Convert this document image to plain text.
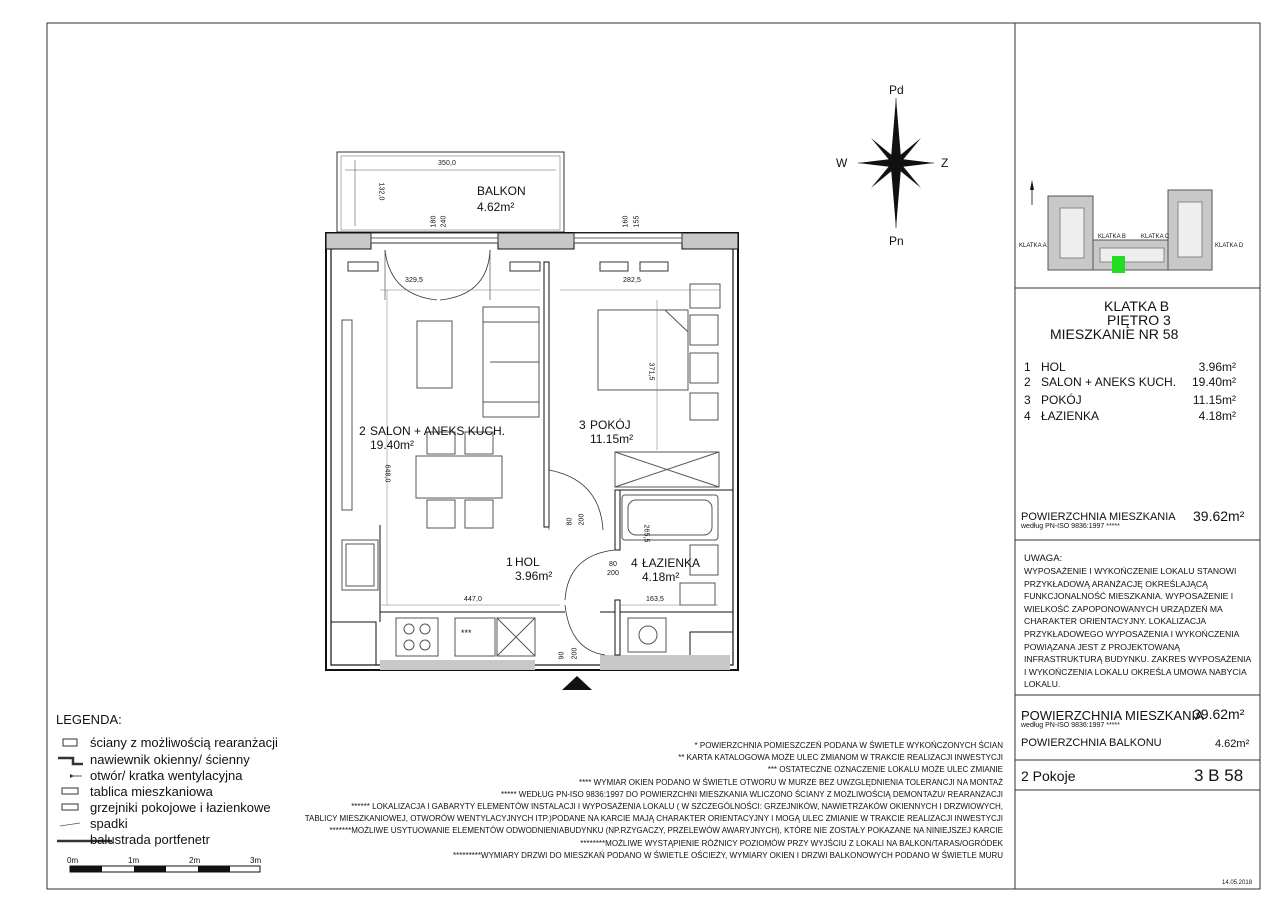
Pd
Pn
W	Z
350,0
132,0
180 240	160 155
329,5	282,5
371,5
648,0
80 200
80
200
447,0	163,5
265,5
90 200
BALKON
4.62m²
2 SALON + ANEKS KUCH.
19.40m²
3 POKÓJ
11.15m²
1 HOL
3.96m²
4 ŁAZIENKA
4.18m²
***
LEGENDA:
ściany z możliwością rearanżacji
nawiewnik okienny/ ścienny
otwór/ kratka wentylacyjna
tablica mieszkaniowa
grzejniki pokojowe i łazienkowe
spadki
balustrada portfenetr
0m	1m	2m	3m
* POWIERZCHNIA POMIESZCZEŃ PODANA W ŚWIETLE WYKOŃCZONYCH ŚCIAN
** KARTA KATALOGOWA MOŻE ULEC ZMIANOM W TRAKCIE REALIZACJI INWESTYCJI
*** OSTATECZNE OZNACZENIE LOKALU MOŻE ULEC ZMIANIE
**** WYMIAR OKIEN PODANO W ŚWIETLE OTWORU W MURZE BEZ UWZGLĘDNIENIA TOLERANCJI NA MONTAŻ
***** WEDŁUG PN-ISO 9836:1997 DO POWIERZCHNI MIESZKANIA WLICZONO ŚCIANY Z MOŻLIWOŚCIĄ DEMONTAŻU/ REARANŻACJI
****** LOKALIZACJA I GABARYTY ELEMENTÓW INSTALACJI I WYPOSAŻENIA LOKALU ( W SZCZEGÓLNOŚCI: GRZEJNIKÓW, NAWIETRZAKÓW OKIENNYCH I DRZWIOWYCH,
TABLICY MIESZKANIOWEJ, OTWORÓW WENTYLACYJNYCH ITP.)PODANE NA KARCIE MAJĄ CHARAKTER ORIENTACYJNY I MOGĄ ULEC ZMIANIE W TRAKCIE REALIZACJI INWESTYCJI
*******MOŻLIWE USYTUOWANIE ELEMENTÓW ODWODNIENIABUDYNKU (NP.RZYGACZY, PRZELEWÓW AWARYJNYCH), KTÓRE NIE ZOSTAŁY POKAZANE NA NINIEJSZEJ KARCIE
********MOŻLIWE WYSTĄPIENIE RÓŻNICY POZIOMÓW PRZY WYJŚCIU Z LOKALI NA BALKON/TARAS/OGRÓDEK
*********WYMIARY DRZWI DO MIESZKAŃ PODANO W ŚWIETLE OŚCIEŻY, WYMIARY OKIEN I DRZWI BALKONOWYCH PODANO W ŚWIETLE MURU
KLATKA A
KLATKA B	KLATKA C
KLATKA D
KLATKA B
PIĘTRO 3
MIESZKANIE NR 58
1 HOL	3.96m²
2 SALON + ANEKS KUCH.	19.40m²
3 POKÓJ	11.15m²
4 ŁAZIENKA	4.18m²
POWIERZCHNIA MIESZKANIA
według PN-ISO 9836:1997 *****
39.62m²
UWAGA:
WYPOSAŻENIE I WYKOŃCZENIE LOKALU STANOWI
PRZYKŁADOWĄ ARANŻACJĘ OKREŚLAJĄCĄ
FUNKCJONALNOŚĆ MIESZKANIA. WYPOSAŻENIE I
WIELKOŚĆ ZAPOPONOWANYCH URZĄDZEŃ MA
CHARAKTER ORIENTACYJNY. LOKALIZACJA
PRZYKŁADOWEGO WYPOSAŻENIA I WYKOŃCZENIA
POWIĄZANA JEST Z PROJEKTOWANĄ
INFRASTRUKTURĄ BUDYNKU. ZAKRES WYPOSAŻENIA
I WYKOŃCZENIA LOKALU OKREŚLA UMOWA NABYCIA
LOKALU.
POWIERZCHNIA MIESZKANIA
według PN-ISO 9836:1997 *****
39.62m²
POWIERZCHNIA BALKONU	4.62m²
2 Pokoje	3 B 58
14.05.2018
